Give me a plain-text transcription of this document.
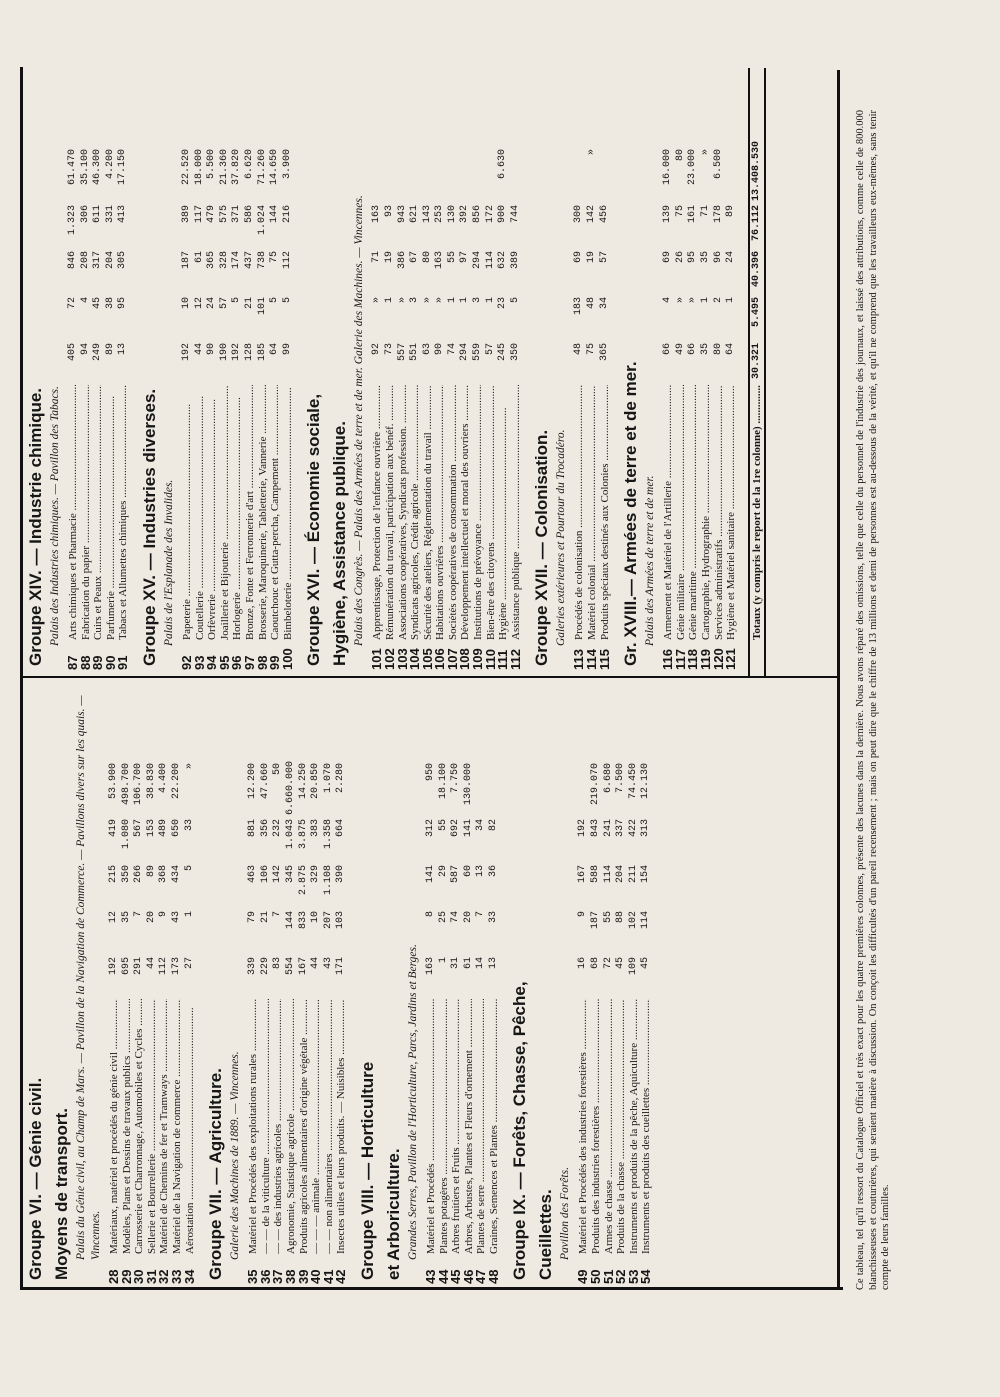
Groupe VI. — Génie civil. Moyens de transport. Palais du Génie civil, au Champ de Mars. — Pavillon de la Navigation de Commerce. — Pavillons divers sur les quais. — Vincennes.
28
Matériaux, matériel et procédés du génie civil .....
192
12
215
419
53.900
29
Modèles, Plans et Dessins de travaux publics .....
695
35
350
1.080
498.700
30
Carrosserie et Charronnage, Automobiles et Cycles .....
291
7
266
567
106.700
31
Sellerie et Bourrellerie .....
44
20
89
153
38.830
32
Matériel de Chemins de fer et Tramways .....
112
9
368
489
4.400
33
Matériel de la Navigation de commerce .....
173
43
434
650
22.200
34
Aérostation .....
27
1
5
33
»
Groupe VII. — Agriculture. Galerie des Machines de 1889. — Vincennes.
35
Matériel et Procédés des exploitations rurales .....
339
79
463
881
12.200
36
— — de la viticulture .....
229
21
106
356
47.660
37
— — des industries agricoles .....
83
7
142
232
50
38
Agronomie, Statistique agricole .....
554
144
345
1.043
6.660.000
39
Produits agricoles alimentaires d'origine végétale .....
167
833
2.875
3.875
14.250
40
— — — animale .....
44
10
329
383
20.850
41
— — non alimentaires .....
43
207
1.108
1.358
1.070
42
Insectes utiles et leurs produits. — Nuisibles .....
171
103
390
664
2.280
Groupe VIII. — Horticulture et Arboriculture. Grandes Serres, Pavillon de l'Horticulture, Parcs, Jardins et Berges.
43
Matériel et Procédés .....
163
8
141
312
950
44
Plantes potagères .....
1
25
29
55
18.100
45
Arbres fruitiers et Fruits .....
31
74
587
692
7.750
46
Arbres, Arbustes, Plantes et Fleurs d'ornement .....
61
20
60
141
130.000
47
Plantes de serre .....
14
7
13
34
48
Graines, Semences et Plantes .....
13
33
36
82
Groupe IX. — Forêts, Chasse, Pêche, Cueillettes. Pavillon des Forêts.
49
Matériel et Procédés des industries forestières .....
16
9
167
192
50
Produits des industries forestières .....
68
187
588
843
219.070
51
Armes de chasse .....
72
55
114
241
6.680
52
Produits de la chasse .....
45
88
204
337
7.500
53
Instruments et produits de la pêche, Aquiculture .....
109
102
211
422
74.450
54
Instruments et produits des cueillettes .....
45
114
154
313
12.130
Groupe XIV. — Industrie chimique. Palais des Industries chimiques. — Pavillon des Tabacs.
87
Arts chimiques et Pharmacie .....
405
72
846
1.323
61.470
88
Fabrication du papier .....
94
4
208
306
35.100
89
Cuirs et Peaux .....
249
45
317
611
46.300
90
Parfumerie .....
89
38
204
331
4.200
91
Tabacs et Allumettes chimiques .....
13
95
305
413
17.150
Groupe XV. — Industries diverses. Palais de l'Esplanade des Invalides.
92
Papeterie .....
192
10
187
389
22.520
93
Coutellerie .....
44
12
61
117
18.000
94
Orfèvrerie .....
90
24
365
479
5.500
95
Joaillerie et Bijouterie .....
190
57
328
575
21.360
96
Horlogerie .....
192
5
174
371
37.820
97
Bronze, Fonte et Ferronnerie d'art .....
128
21
437
586
6.620
98
Brosserie, Maroquinerie, Tabletterie, Vannerie .....
185
101
738
1.024
71.260
99
Caoutchouc et Gutta-percha, Campement .....
64
5
75
144
14.650
100
Bimbeloterie .....
99
5
112
216
3.900
Groupe XVI. — Économie sociale, Hygiène, Assistance publique. Palais des Congrès. — Palais des Armées de terre et de mer. Galerie des Machines. — Vincennes.
101
Apprentissage, Protection de l'enfance ouvrière .....
92
»
71
163
102
Rémunération du travail, participation aux bénéf. .....
73
1
19
93
103
Associations coopératives, Syndicats profession. .....
557
»
386
943
104
Syndicats agricoles, Crédit agricole .....
551
3
67
621
105
Sécurité des ateliers, Réglementation du travail .....
63
»
80
143
106
Habitations ouvrières .....
90
»
163
253
107
Sociétés coopératives de consommation .....
74
1
55
130
108
Développement intellectuel et moral des ouvriers .....
294
1
97
392
109
Institutions de prévoyance .....
559
3
294
856
110
Bien-être des citoyens .....
57
1
114
172
111
Hygiène .....
245
23
632
900
6.630
112
Assistance publique .....
350
5
389
744
Groupe XVII. — Colonisation. Galeries extérieures et Pourtour du Trocadéro.
113
Procédés de colonisation .....
48
183
69
300
114
Matériel colonial .....
75
48
19
142
»
115
Produits spéciaux destinés aux Colonies .....
365
34
57
456
Gr. XVIII.— Armées de terre et de mer. Palais des Armées de terre et de mer.
116
Armement et Matériel de l'Artillerie .....
66
4
69
139
16.000
117
Génie militaire .....
49
»
26
75
80
118
Génie maritime .....
66
»
95
161
23.000
119
Cartographie, Hydrographie .....
35
1
35
71
»
120
Services administratifs .....
80
2
96
178
6.500
121
Hygiène et Matériel sanitaire .....
64
1
24
89
Totaux (y compris le report de la 1re colonne) .....
30.321
5.495
40.396
76.112
13.408.530	Ce tableau, tel qu'il ressort du Catalogue Officiel et très exact pour les quatre premières colonnes, présente des lacunes dans la dernière. Nous avons réparé des omissions, telle que celle du personnel de l'industrie des journaux, et laissé des attributions, comme celle de 800.000 blanchisseuses et couturières, qui seraient matière à discussion. On conçoit les difficultés d'un pareil recensement ; mais on peut dire que le chiffre de 13 millions et demi de personnes est au-dessous de la vérité, et qu'il ne comprend que les travailleurs eux-mêmes, sans tenir compte de leurs familles.
